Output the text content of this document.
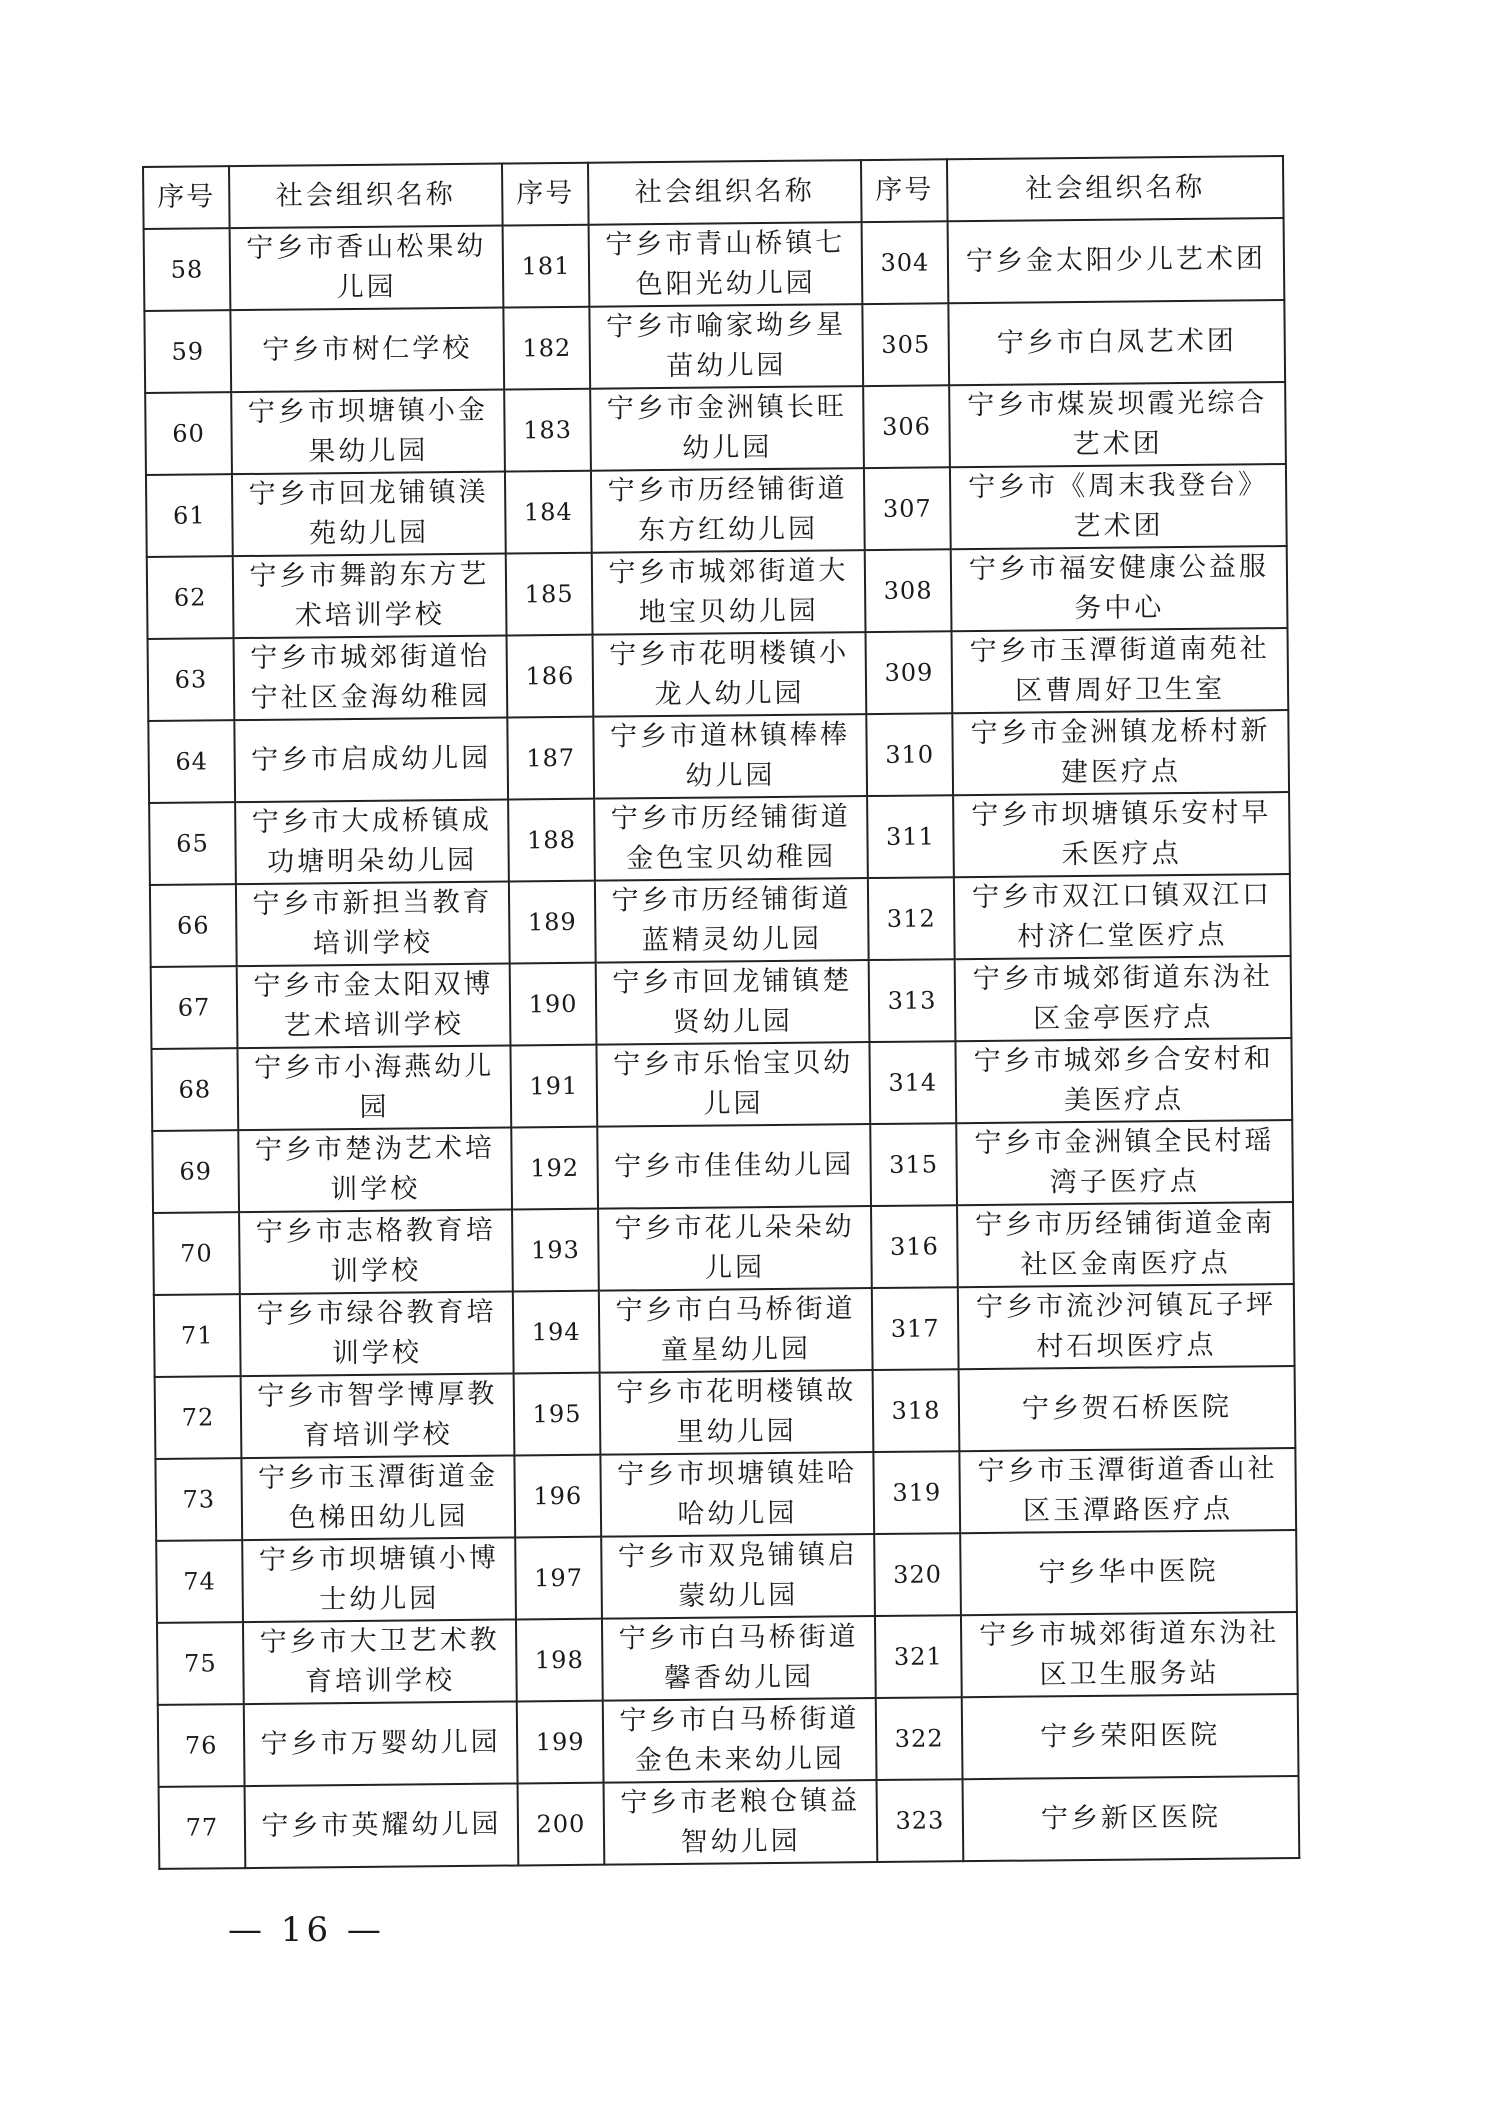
序号	社会组织名称	序号	社会组织名称	序号	社会组织名称
58	宁乡市香山松果幼儿园	181	宁乡市青山桥镇七色阳光幼儿园	304	宁乡金太阳少儿艺术团
59	宁乡市树仁学校	182	宁乡市喻家坳乡星苗幼儿园	305	宁乡市白凤艺术团
60	宁乡市坝塘镇小金果幼儿园	183	宁乡市金洲镇长旺幼儿园	306	宁乡市煤炭坝霞光综合艺术团
61	宁乡市回龙铺镇渼苑幼儿园	184	宁乡市历经铺街道东方红幼儿园	307	宁乡市《周末我登台》艺术团
62	宁乡市舞韵东方艺术培训学校	185	宁乡市城郊街道大地宝贝幼儿园	308	宁乡市福安健康公益服务中心
63	宁乡市城郊街道怡宁社区金海幼稚园	186	宁乡市花明楼镇小龙人幼儿园	309	宁乡市玉潭街道南苑社区曹周好卫生室
64	宁乡市启成幼儿园	187	宁乡市道林镇棒棒幼儿园	310	宁乡市金洲镇龙桥村新建医疗点
65	宁乡市大成桥镇成功塘明朵幼儿园	188	宁乡市历经铺街道金色宝贝幼稚园	311	宁乡市坝塘镇乐安村早禾医疗点
66	宁乡市新担当教育培训学校	189	宁乡市历经铺街道蓝精灵幼儿园	312	宁乡市双江口镇双江口村济仁堂医疗点
67	宁乡市金太阳双博艺术培训学校	190	宁乡市回龙铺镇楚贤幼儿园	313	宁乡市城郊街道东沩社区金亭医疗点
68	宁乡市小海燕幼儿园	191	宁乡市乐怡宝贝幼儿园	314	宁乡市城郊乡合安村和美医疗点
69	宁乡市楚沩艺术培训学校	192	宁乡市佳佳幼儿园	315	宁乡市金洲镇全民村瑶湾子医疗点
70	宁乡市志格教育培训学校	193	宁乡市花儿朵朵幼儿园	316	宁乡市历经铺街道金南社区金南医疗点
71	宁乡市绿谷教育培训学校	194	宁乡市白马桥街道童星幼儿园	317	宁乡市流沙河镇瓦子坪村石坝医疗点
72	宁乡市智学博厚教育培训学校	195	宁乡市花明楼镇故里幼儿园	318	宁乡贺石桥医院
73	宁乡市玉潭街道金色梯田幼儿园	196	宁乡市坝塘镇娃哈哈幼儿园	319	宁乡市玉潭街道香山社区玉潭路医疗点
74	宁乡市坝塘镇小博士幼儿园	197	宁乡市双凫铺镇启蒙幼儿园	320	宁乡华中医院
75	宁乡市大卫艺术教育培训学校	198	宁乡市白马桥街道馨香幼儿园	321	宁乡市城郊街道东沩社区卫生服务站
76	宁乡市万婴幼儿园	199	宁乡市白马桥街道金色未来幼儿园	322	宁乡荣阳医院
77	宁乡市英耀幼儿园	200	宁乡市老粮仓镇益智幼儿园	323	宁乡新区医院
— 16 —
